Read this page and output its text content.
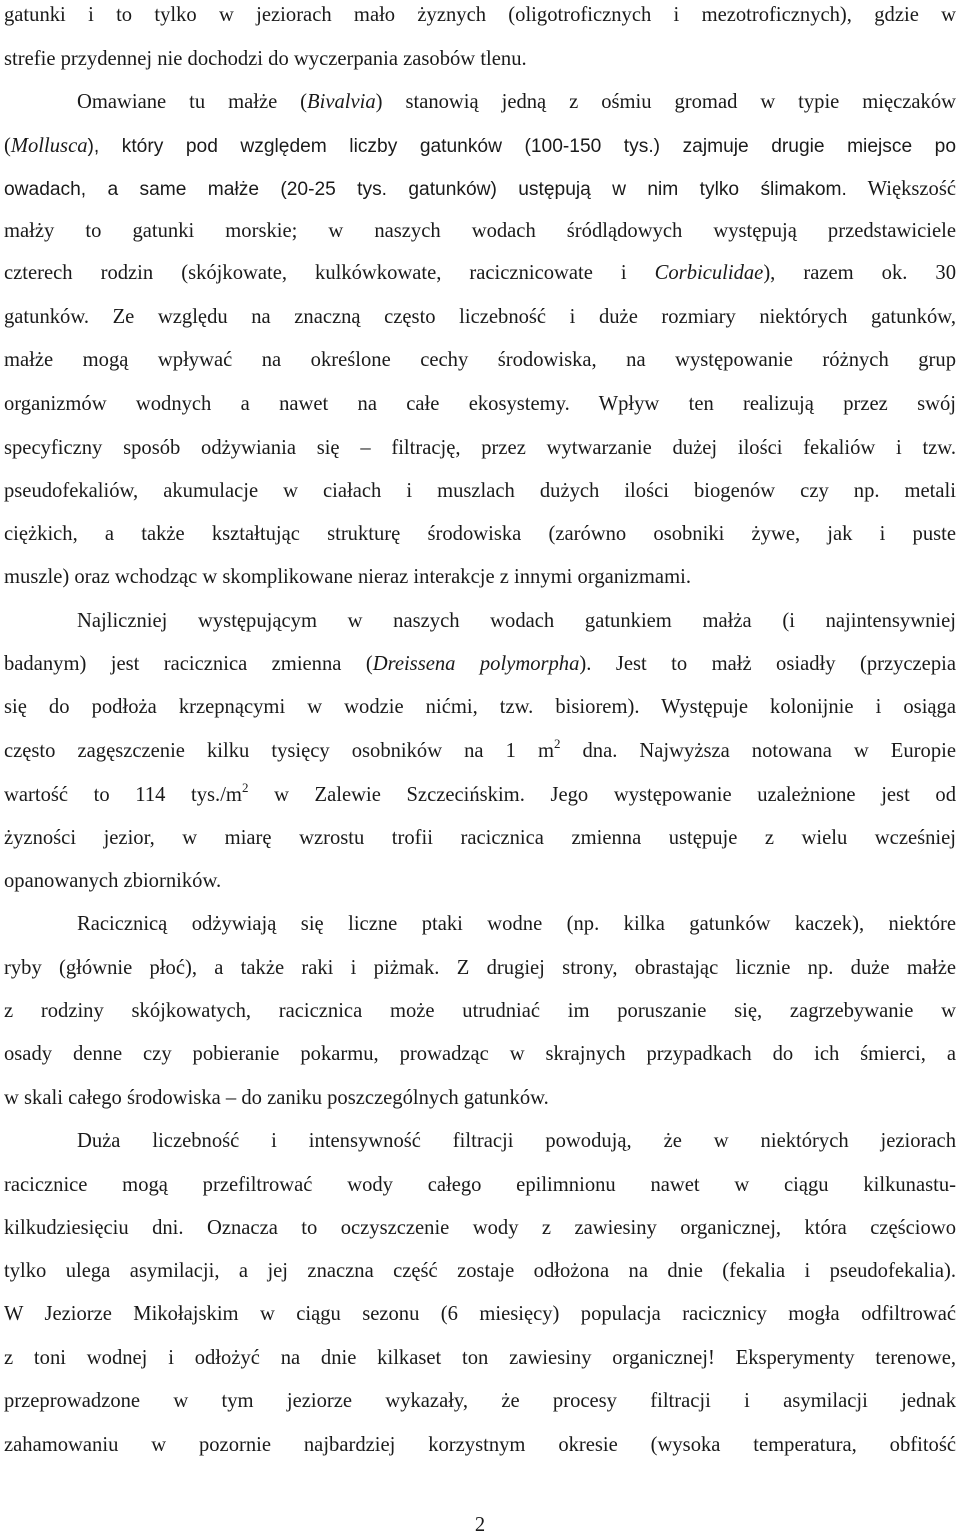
gatunki i to tylko w jeziorach mało żyznych (oligotroficznych i mezotroficznych), gdzie w
strefie przydennej nie dochodzi do wyczerpania zasobów tlenu.
Omawiane tu małże (Bivalvia) stanowią jedną z ośmiu gromad w typie mięczaków
(Mollusca), który pod względem liczby gatunków (100-150 tys.) zajmuje drugie miejsce po
owadach, a same małże (20-25 tys. gatunków) ustępują w nim tylko ślimakom. Większość
małży to gatunki morskie; w naszych wodach śródlądowych występują przedstawiciele
czterech rodzin (skójkowate, kulkówkowate, racicznicowate i Corbiculidae), razem ok. 30
gatunków. Ze względu na znaczną często liczebność i duże rozmiary niektórych gatunków,
małże mogą wpływać na określone cechy środowiska, na występowanie różnych grup
organizmów wodnych a nawet na całe ekosystemy. Wpływ ten realizują przez swój
specyficzny sposób odżywiania się – filtrację, przez wytwarzanie dużej ilości fekaliów i tzw.
pseudofekaliów, akumulacje w ciałach i muszlach dużych ilości biogenów czy np. metali
ciężkich, a także kształtując strukturę środowiska (zarówno osobniki żywe, jak i puste
muszle) oraz wchodząc w skomplikowane nieraz interakcje z innymi organizmami.
Najliczniej występującym w naszych wodach gatunkiem małża (i najintensywniej
badanym) jest racicznica zmienna (Dreissena polymorpha). Jest to małż osiadły (przyczepia
się do podłoża krzepnącymi w wodzie nićmi, tzw. bisiorem). Występuje kolonijnie i osiąga
często zagęszczenie kilku tysięcy osobników na 1 $m^2$ dna. Najwyższa notowana w Europie
wartość to 114 $tys./m^2$ w Zalewie Szczecińskim. Jego występowanie uzależnione jest od
żyzności jezior, w miarę wzrostu trofii racicznica zmienna ustępuje z wielu wcześniej
opanowanych zbiorników.
Racicznicą odżywiają się liczne ptaki wodne (np. kilka gatunków kaczek), niektóre
ryby (głównie płoć), a także raki i piżmak. Z drugiej strony, obrastając licznie np. duże małże
z rodziny skójkowatych, racicznica może utrudniać im poruszanie się, zagrzebywanie w
osady denne czy pobieranie pokarmu, prowadząc w skrajnych przypadkach do ich śmierci, a
w skali całego środowiska – do zaniku poszczególnych gatunków.
Duża liczebność i intensywność filtracji powodują, że w niektórych jeziorach
racicznice mogą przefiltrować wody całego epilimnionu nawet w ciągu kilkunastu-
kilkudziesięciu dni. Oznacza to oczyszczenie wody z zawiesiny organicznej, która częściowo
tylko ulega asymilacji, a jej znaczna część zostaje odłożona na dnie (fekalia i pseudofekalia).
W Jeziorze Mikołajskim w ciągu sezonu (6 miesięcy) populacja racicznicy mogła odfiltrować
z toni wodnej i odłożyć na dnie kilkaset ton zawiesiny organicznej! Eksperymenty terenowe,
przeprowadzone w tym jeziorze wykazały, że procesy filtracji i asymilacji jednak
zahamowaniu w pozornie najbardziej korzystnym okresie (wysoka temperatura, obfitość
2
